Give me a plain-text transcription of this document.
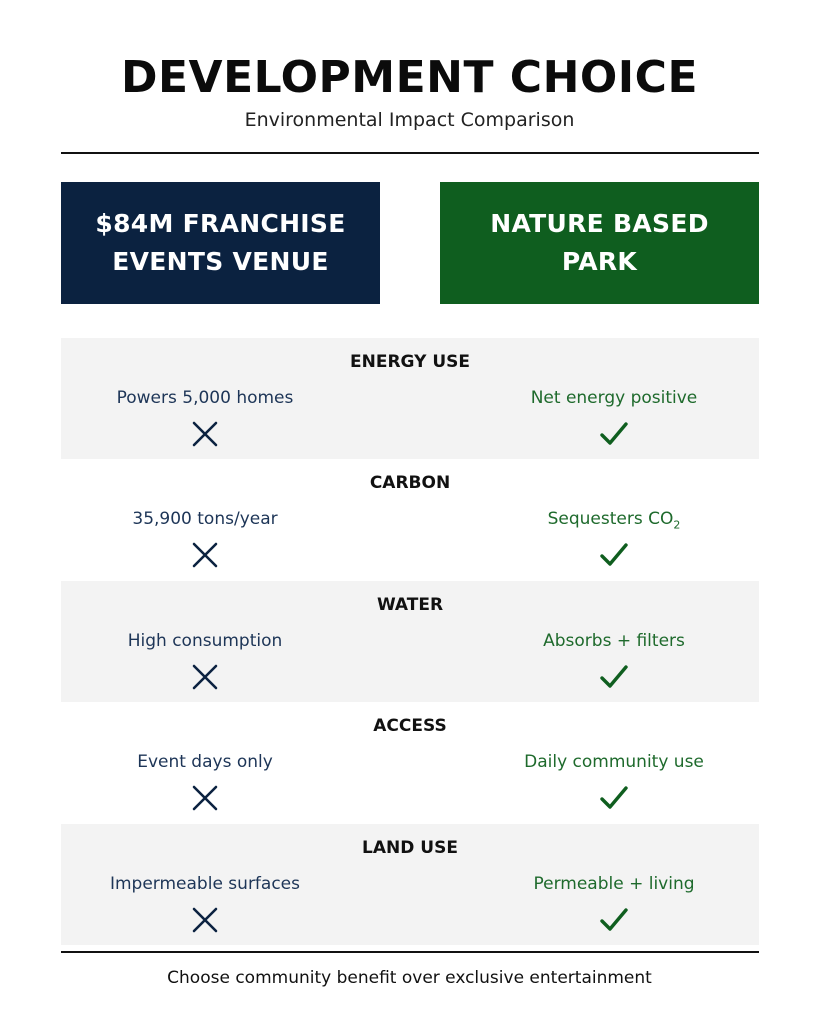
DEVELOPMENT CHOICE
Environmental Impact Comparison
$84M FRANCHISE
EVENTS VENUE
NATURE BASED
PARK
ENERGY USE
Powers 5,000 homes	Net energy positive
CARBON
35,900 tons/year	Sequesters $CO_2$
WATER
High consumption	Absorbs + filters
ACCESS
Event days only	Daily community use
LAND USE
Impermeable surfaces	Permeable + living
Choose community benefit over exclusive entertainment
